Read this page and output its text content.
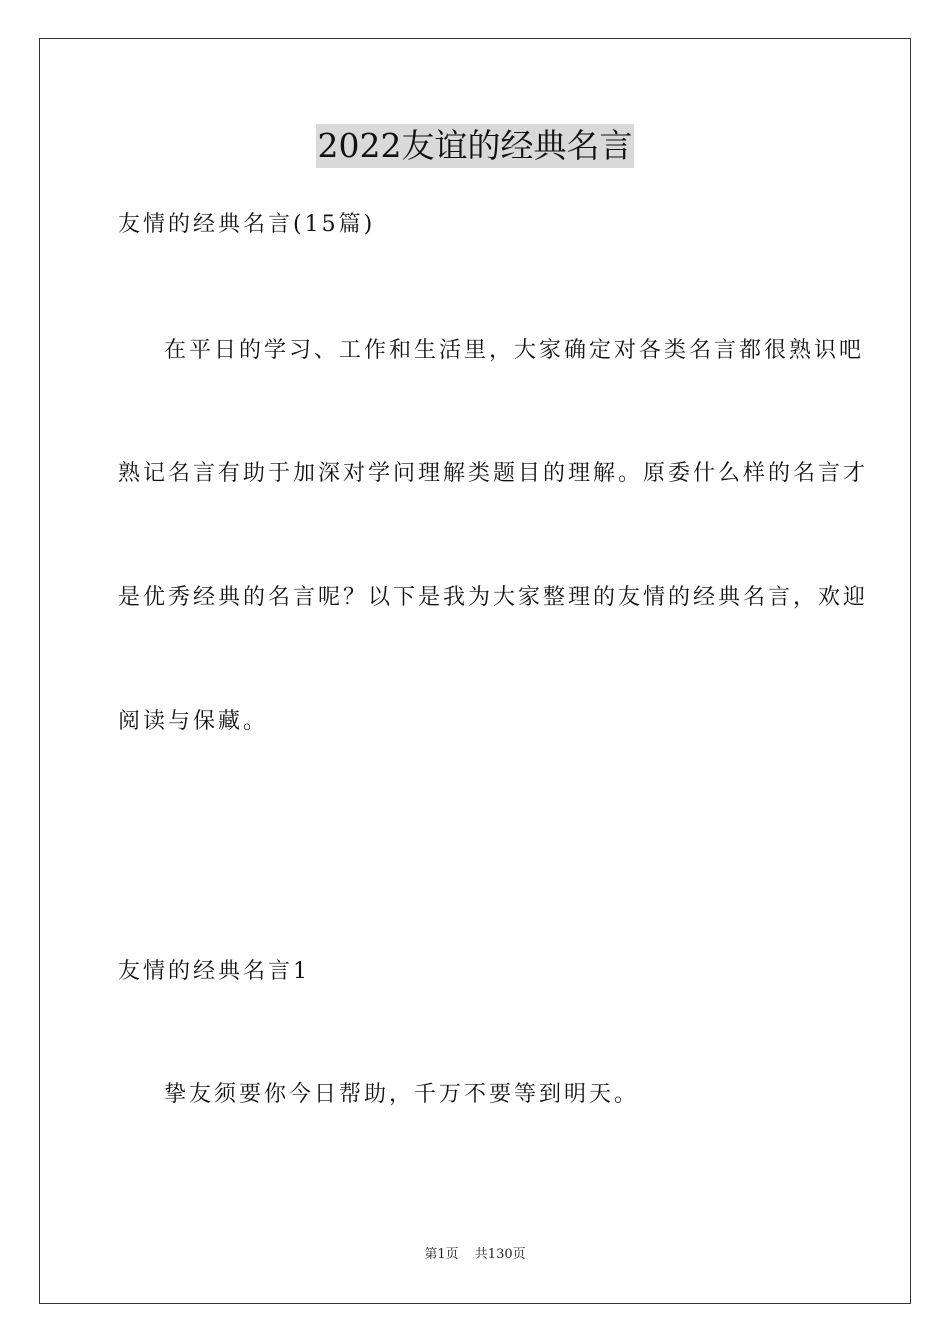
2022友谊的经典名言
友情的经典名言(15篇)
在平日的学习、工作和生活里，大家确定对各类名言都很熟识吧
熟记名言有助于加深对学问理解类题目的理解。原委什么样的名言才
是优秀经典的名言呢？以下是我为大家整理的友情的经典名言，欢迎
阅读与保藏。
友情的经典名言1
挚友须要你今日帮助，千万不要等到明天。
第1页 共130页
